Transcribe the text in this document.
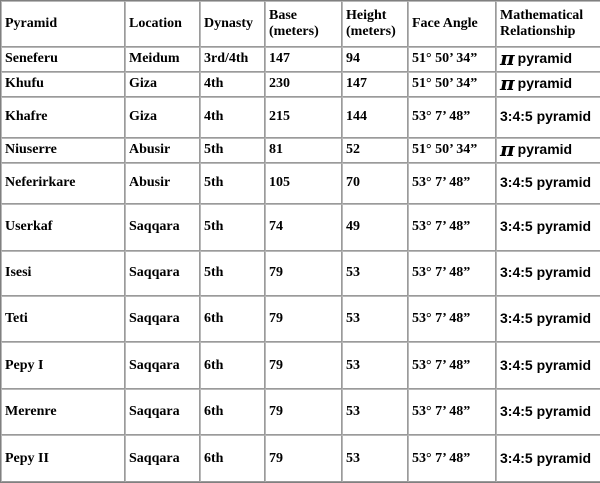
Pyramid	Location	Dynasty	Base (meters)	Height (meters)	Face Angle	Mathematical Relationship
Seneferu	Meidum	3rd/4th	147	94	51° 50’ 34”	π pyramid
Khufu	Giza	4th	230	147	51° 50’ 34”	π pyramid
Khafre	Giza	4th	215	144	53° 7’ 48”	3:4:5 pyramid
Niuserre	Abusir	5th	81	52	51° 50’ 34”	π pyramid
Neferirkare	Abusir	5th	105	70	53° 7’ 48”	3:4:5 pyramid
Userkaf	Saqqara	5th	74	49	53° 7’ 48”	3:4:5 pyramid
Isesi	Saqqara	5th	79	53	53° 7’ 48”	3:4:5 pyramid
Teti	Saqqara	6th	79	53	53° 7’ 48”	3:4:5 pyramid
Pepy I	Saqqara	6th	79	53	53° 7’ 48”	3:4:5 pyramid
Merenre	Saqqara	6th	79	53	53° 7’ 48”	3:4:5 pyramid
Pepy II	Saqqara	6th	79	53	53° 7’ 48”	3:4:5 pyramid
